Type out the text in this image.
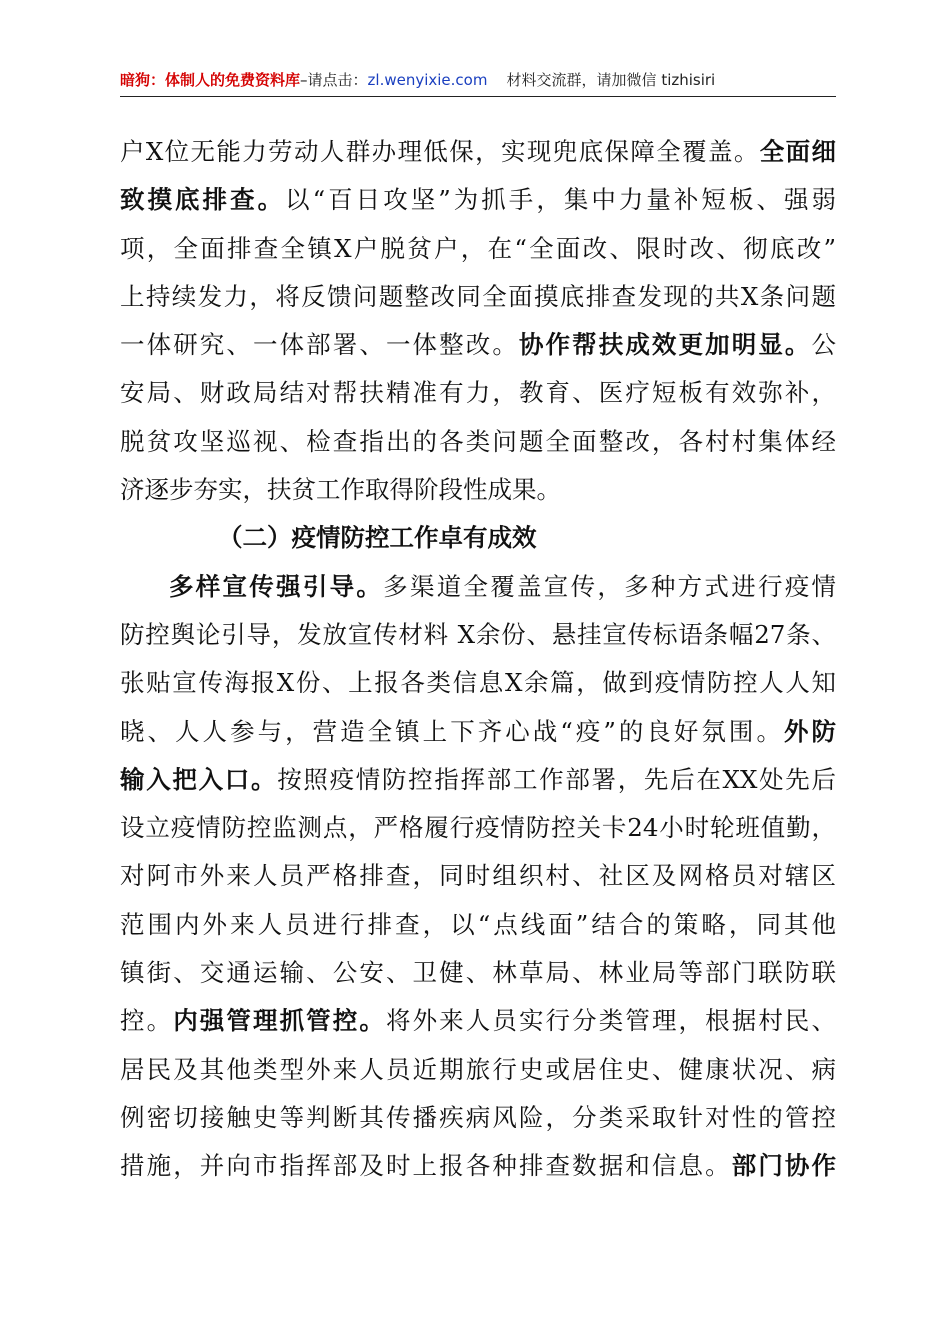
暗狗：体制人的免费资料库–请点击：zl.wenyixie.com 材料交流群，请加微信 tizhisiri
户X位无能力劳动人群办理低保，实现兜底保障全覆盖。全面细
致摸底排查。以“百日攻坚”为抓手，集中力量补短板、强弱
项，全面排查全镇X户脱贫户，在“全面改、限时改、彻底改”
上持续发力，将反馈问题整改同全面摸底排查发现的共X条问题
一体研究、一体部署、一体整改。协作帮扶成效更加明显。公
安局、财政局结对帮扶精准有力，教育、医疗短板有效弥补，
脱贫攻坚巡视、检查指出的各类问题全面整改，各村村集体经
济逐步夯实，扶贫工作取得阶段性成果。
（二）疫情防控工作卓有成效
多样宣传强引导。多渠道全覆盖宣传，多种方式进行疫情
防控舆论引导，发放宣传材料 X余份、悬挂宣传标语条幅27条、
张贴宣传海报X份、上报各类信息X余篇，做到疫情防控人人知
晓、人人参与，营造全镇上下齐心战“疫”的良好氛围。外防
输入把入口。按照疫情防控指挥部工作部署，先后在XX处先后
设立疫情防控监测点，严格履行疫情防控关卡24小时轮班值勤，
对阿市外来人员严格排查，同时组织村、社区及网格员对辖区
范围内外来人员进行排查，以“点线面”结合的策略，同其他
镇街、交通运输、公安、卫健、林草局、林业局等部门联防联
控。内强管理抓管控。将外来人员实行分类管理，根据村民、
居民及其他类型外来人员近期旅行史或居住史、健康状况、病
例密切接触史等判断其传播疾病风险，分类采取针对性的管控
措施，并向市指挥部及时上报各种排查数据和信息。部门协作
